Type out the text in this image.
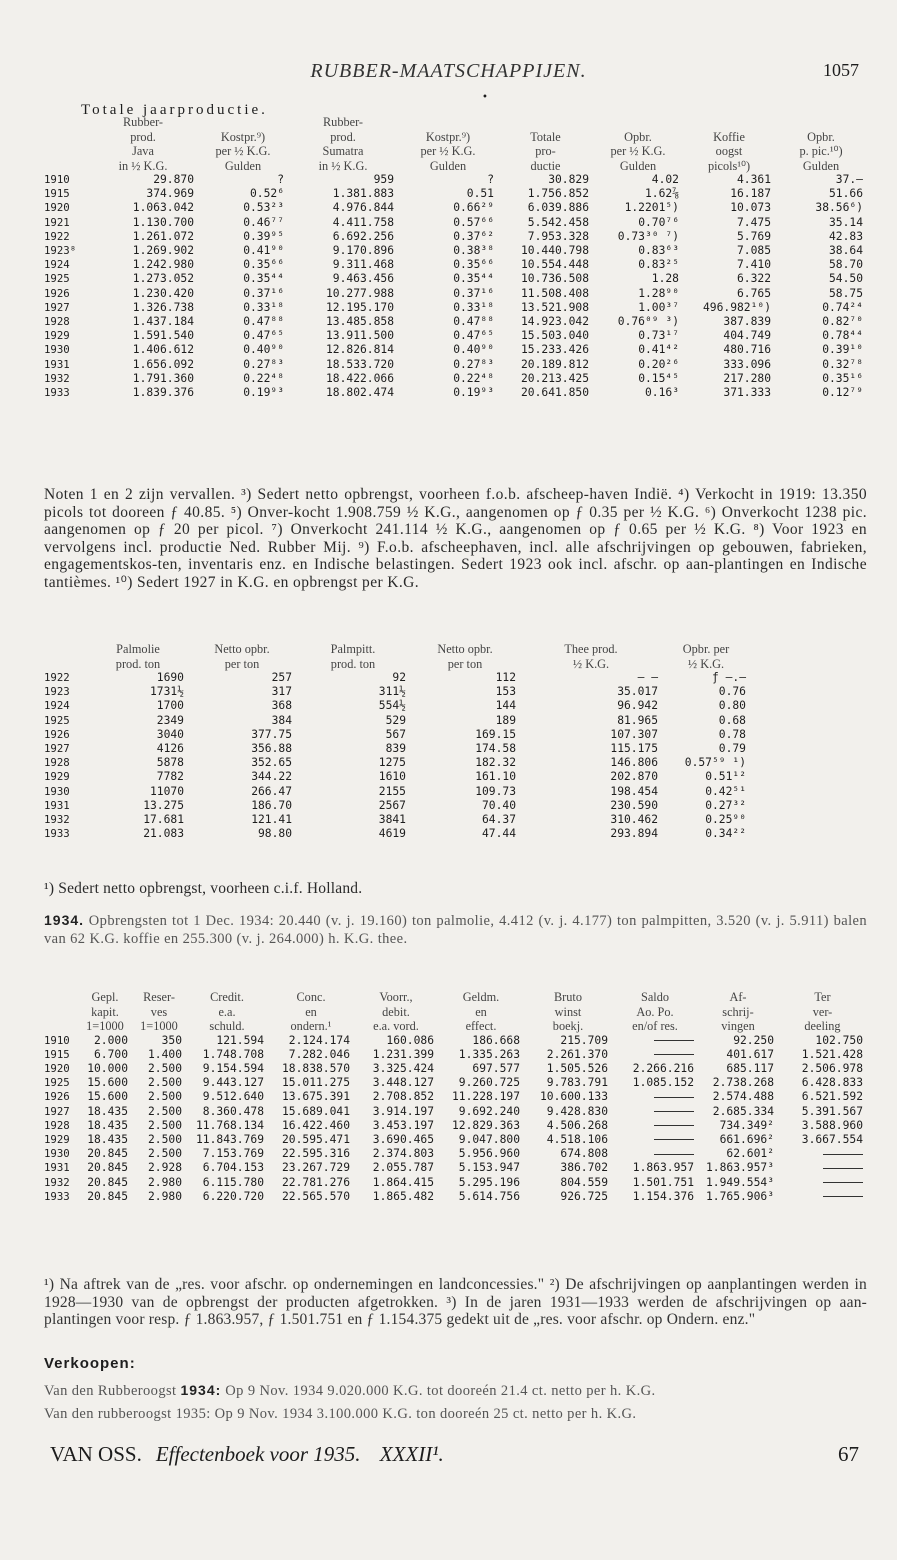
RUBBER-MAATSCHAPPIJEN.	1057
Totale jaarproductie.
•
	Rubber-
prod.
Java
in ½ K.G.	Kostpr.⁹)
per ½ K.G.
Gulden	Rubber-
prod.
Sumatra
in ½ K.G.	Kostpr.⁹)
per ½ K.G.
Gulden	Totale
pro-
ductie	Opbr.
per ½ K.G.
Gulden	Koffie
oogst
picols¹⁰)	Opbr.
p. pic.¹⁰)
Gulden
1910	29.870	?	959	?	30.829	4.02	4.361	37.—
1915	374.969	0.52⁶	1.381.883	0.51	1.756.852	1.62⅞	16.187	51.66
1920	1.063.042	0.53²³	4.976.844	0.66²⁹	6.039.886	1.2201⁵)	10.073	38.56⁶)
1921	1.130.700	0.46⁷⁷	4.411.758	0.57⁶⁶	5.542.458	0.70⁷⁶	7.475	35.14
1922	1.261.072	0.39⁹⁵	6.692.256	0.37⁶²	7.953.328	0.73³⁰ ⁷)	5.769	42.83
1923⁸	1.269.902	0.41⁹⁰	9.170.896	0.38³⁸	10.440.798	0.83⁶³	7.085	38.64
1924	1.242.980	0.35⁶⁶	9.311.468	0.35⁶⁶	10.554.448	0.83²⁵	7.410	58.70
1925	1.273.052	0.35⁴⁴	9.463.456	0.35⁴⁴	10.736.508	1.28	6.322	54.50
1926	1.230.420	0.37¹⁶	10.277.988	0.37¹⁶	11.508.408	1.28⁹⁰	6.765	58.75
1927	1.326.738	0.33¹⁸	12.195.170	0.33¹⁸	13.521.908	1.00³⁷	496.982¹⁰)	0.74²⁴
1928	1.437.184	0.47⁸⁸	13.485.858	0.47⁸⁸	14.923.042	0.76⁰⁹ ³)	387.839	0.82⁷⁰
1929	1.591.540	0.47⁶⁵	13.911.500	0.47⁶⁵	15.503.040	0.73¹⁷	404.749	0.78⁴⁴
1930	1.406.612	0.40⁹⁰	12.826.814	0.40⁹⁰	15.233.426	0.41⁴²	480.716	0.39¹⁰
1931	1.656.092	0.27⁸³	18.533.720	0.27⁸³	20.189.812	0.20²⁶	333.096	0.32⁷⁸
1932	1.791.360	0.22⁴⁸	18.422.066	0.22⁴⁸	20.213.425	0.15⁴⁵	217.280	0.35¹⁶
1933	1.839.376	0.19⁹³	18.802.474	0.19⁹³	20.641.850	0.16³	371.333	0.12⁷⁹
Noten 1 en 2 zijn vervallen. ³) Sedert netto opbrengst, voorheen f.o.b. afscheep-haven Indië. ⁴) Verkocht in 1919: 13.350 picols tot dooreen ƒ 40.85. ⁵) Onver-kocht 1.908.759 ½ K.G., aangenomen op ƒ 0.35 per ½ K.G. ⁶) Onverkocht 1238 pic. aangenomen op ƒ 20 per picol. ⁷) Onverkocht 241.114 ½ K.G., aangenomen op ƒ 0.65 per ½ K.G. ⁸) Voor 1923 en vervolgens incl. productie Ned. Rubber Mij. ⁹) F.o.b. afscheephaven, incl. alle afschrijvingen op gebouwen, fabrieken, engagementskos-ten, inventaris enz. en Indische belastingen. Sedert 1923 ook incl. afschr. op aan-plantingen en Indische tantièmes. ¹⁰) Sedert 1927 in K.G. en opbrengst per K.G.
	Palmolie
prod. ton	Netto opbr.
per ton	Palmpitt.
prod. ton	Netto opbr.
per ton	Thee prod.
½ K.G.	Opbr. per
½ K.G.
1922	1690	257	92	112	— —	ƒ —.—
1923	1731½	317	311½	153	35.017	0.76
1924	1700	368	554½	144	96.942	0.80
1925	2349	384	529	189	81.965	0.68
1926	3040	377.75	567	169.15	107.307	0.78
1927	4126	356.88	839	174.58	115.175	0.79
1928	5878	352.65	1275	182.32	146.806	0.57⁵⁹ ¹)
1929	7782	344.22	1610	161.10	202.870	0.51¹²
1930	11070	266.47	2155	109.73	198.454	0.42⁵¹
1931	13.275	186.70	2567	70.40	230.590	0.27³²
1932	17.681	121.41	3841	64.37	310.462	0.25⁹⁰
1933	21.083	98.80	4619	47.44	293.894	0.34²²
¹) Sedert netto opbrengst, voorheen c.i.f. Holland.
1934. Opbrengsten tot 1 Dec. 1934: 20.440 (v. j. 19.160) ton palmolie, 4.412 (v. j. 4.177) ton palmpitten, 3.520 (v. j. 5.911) balen van 62 K.G. koffie en 255.300 (v. j. 264.000) h. K.G. thee.
	Gepl.
kapit.
1=1000	Reser-
ves
1=1000	Credit.
e.a.
schuld.	Conc.
en
ondern.¹	Voorr.,
debit.
e.a. vord.	Geldm.
en
effect.	Bruto
winst
boekj.	Saldo
Ao. Po.
en/of res.	Af-
schrij-
vingen	Ter
ver-
deeling
1910	2.000	350	121.594	2.124.174	160.086	186.668	215.709		92.250	102.750
1915	6.700	1.400	1.748.708	7.282.046	1.231.399	1.335.263	2.261.370		401.617	1.521.428
1920	10.000	2.500	9.154.594	18.838.570	3.325.424	697.577	1.505.526	2.266.216	685.117	2.506.978
1925	15.600	2.500	9.443.127	15.011.275	3.448.127	9.260.725	9.783.791	1.085.152	2.738.268	6.428.833
1926	15.600	2.500	9.512.640	13.675.391	2.708.852	11.228.197	10.600.133		2.574.488	6.521.592
1927	18.435	2.500	8.360.478	15.689.041	3.914.197	9.692.240	9.428.830		2.685.334	5.391.567
1928	18.435	2.500	11.768.134	16.422.460	3.453.197	12.829.363	4.506.268		734.349²	3.588.960
1929	18.435	2.500	11.843.769	20.595.471	3.690.465	9.047.800	4.518.106		661.696²	3.667.554
1930	20.845	2.500	7.153.769	22.595.316	2.374.803	5.956.960	674.808		62.601²	
1931	20.845	2.928	6.704.153	23.267.729	2.055.787	5.153.947	386.702	1.863.957	1.863.957³	
1932	20.845	2.980	6.115.780	22.781.276	1.864.415	5.295.196	804.559	1.501.751	1.949.554³	
1933	20.845	2.980	6.220.720	22.565.570	1.865.482	5.614.756	926.725	1.154.376	1.765.906³	
¹) Na aftrek van de „res. voor afschr. op ondernemingen en landconcessies." ²) De afschrijvingen op aanplantingen werden in 1928—1930 van de opbrengst der producten afgetrokken. ³) In de jaren 1931—1933 werden de afschrijvingen op aan-plantingen voor resp. ƒ 1.863.957, ƒ 1.501.751 en ƒ 1.154.375 gedekt uit de „res. voor afschr. op Ondern. enz."
Verkoopen:
Van den Rubberoogst 1934: Op 9 Nov. 1934 9.020.000 K.G. tot dooreén 21.4 ct. netto per h. K.G.
Van den rubberoogst 1935: Op 9 Nov. 1934 3.100.000 K.G. ton dooreén 25 ct. netto per h. K.G.
VAN OSS. Effectenboek voor 1935. XXXII¹.	67
